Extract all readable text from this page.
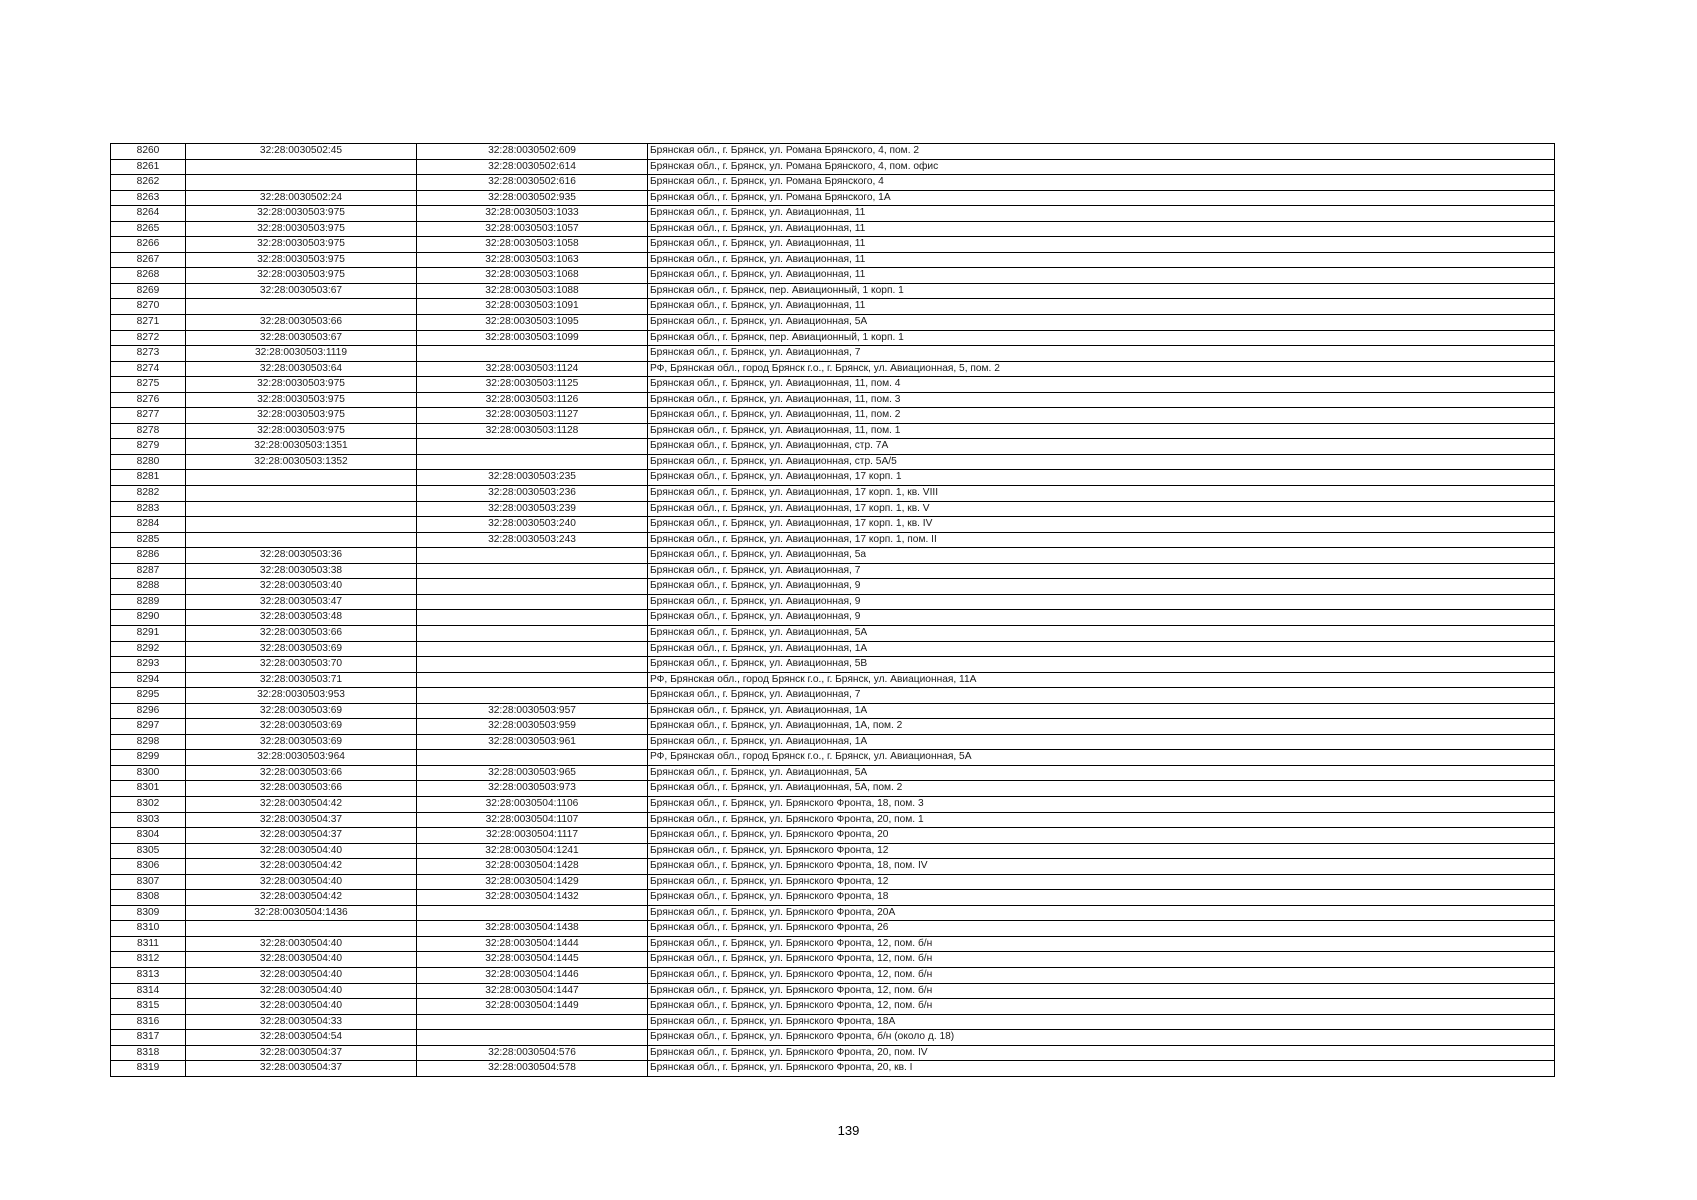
8260	32:28:0030502:45	32:28:0030502:609	Брянская обл., г. Брянск, ул. Романа Брянского, 4, пом. 2
8261		32:28:0030502:614	Брянская обл., г. Брянск, ул. Романа Брянского, 4, пом. офис
8262		32:28:0030502:616	Брянская обл., г. Брянск, ул. Романа Брянского, 4
8263	32:28:0030502:24	32:28:0030502:935	Брянская обл., г. Брянск, ул. Романа Брянского, 1А
8264	32:28:0030503:975	32:28:0030503:1033	Брянская обл., г. Брянск, ул. Авиационная, 11
8265	32:28:0030503:975	32:28:0030503:1057	Брянская обл., г. Брянск, ул. Авиационная, 11
8266	32:28:0030503:975	32:28:0030503:1058	Брянская обл., г. Брянск, ул. Авиационная, 11
8267	32:28:0030503:975	32:28:0030503:1063	Брянская обл., г. Брянск, ул. Авиационная, 11
8268	32:28:0030503:975	32:28:0030503:1068	Брянская обл., г. Брянск, ул. Авиационная, 11
8269	32:28:0030503:67	32:28:0030503:1088	Брянская обл., г. Брянск, пер. Авиационный, 1 корп. 1
8270		32:28:0030503:1091	Брянская обл., г. Брянск, ул. Авиационная, 11
8271	32:28:0030503:66	32:28:0030503:1095	Брянская обл., г. Брянск, ул. Авиационная, 5А
8272	32:28:0030503:67	32:28:0030503:1099	Брянская обл., г. Брянск, пер. Авиационный, 1 корп. 1
8273	32:28:0030503:1119		Брянская обл., г. Брянск, ул. Авиационная, 7
8274	32:28:0030503:64	32:28:0030503:1124	РФ, Брянская обл., город Брянск г.о., г. Брянск, ул. Авиационная, 5, пом. 2
8275	32:28:0030503:975	32:28:0030503:1125	Брянская обл., г. Брянск, ул. Авиационная, 11, пом. 4
8276	32:28:0030503:975	32:28:0030503:1126	Брянская обл., г. Брянск, ул. Авиационная, 11, пом. 3
8277	32:28:0030503:975	32:28:0030503:1127	Брянская обл., г. Брянск, ул. Авиационная, 11, пом. 2
8278	32:28:0030503:975	32:28:0030503:1128	Брянская обл., г. Брянск, ул. Авиационная, 11, пом. 1
8279	32:28:0030503:1351		Брянская обл., г. Брянск, ул. Авиационная, стр. 7А
8280	32:28:0030503:1352		Брянская обл., г. Брянск, ул. Авиационная, стр. 5А/5
8281		32:28:0030503:235	Брянская обл., г. Брянск, ул. Авиационная, 17 корп. 1
8282		32:28:0030503:236	Брянская обл., г. Брянск, ул. Авиационная, 17 корп. 1, кв. VIII
8283		32:28:0030503:239	Брянская обл., г. Брянск, ул. Авиационная, 17 корп. 1, кв. V
8284		32:28:0030503:240	Брянская обл., г. Брянск, ул. Авиационная, 17 корп. 1, кв. IV
8285		32:28:0030503:243	Брянская обл., г. Брянск, ул. Авиационная, 17 корп. 1, пом. II
8286	32:28:0030503:36		Брянская обл., г. Брянск, ул. Авиационная, 5а
8287	32:28:0030503:38		Брянская обл., г. Брянск, ул. Авиационная, 7
8288	32:28:0030503:40		Брянская обл., г. Брянск, ул. Авиационная, 9
8289	32:28:0030503:47		Брянская обл., г. Брянск, ул. Авиационная, 9
8290	32:28:0030503:48		Брянская обл., г. Брянск, ул. Авиационная, 9
8291	32:28:0030503:66		Брянская обл., г. Брянск, ул. Авиационная, 5А
8292	32:28:0030503:69		Брянская обл., г. Брянск, ул. Авиационная, 1А
8293	32:28:0030503:70		Брянская обл., г. Брянск, ул. Авиационная, 5В
8294	32:28:0030503:71		РФ, Брянская обл., город Брянск г.о., г. Брянск, ул. Авиационная, 11А
8295	32:28:0030503:953		Брянская обл., г. Брянск, ул. Авиационная, 7
8296	32:28:0030503:69	32:28:0030503:957	Брянская обл., г. Брянск, ул. Авиационная, 1А
8297	32:28:0030503:69	32:28:0030503:959	Брянская обл., г. Брянск, ул. Авиационная, 1А, пом. 2
8298	32:28:0030503:69	32:28:0030503:961	Брянская обл., г. Брянск, ул. Авиационная, 1А
8299	32:28:0030503:964		РФ, Брянская обл., город Брянск г.о., г. Брянск, ул. Авиационная, 5А
8300	32:28:0030503:66	32:28:0030503:965	Брянская обл., г. Брянск, ул. Авиационная, 5А
8301	32:28:0030503:66	32:28:0030503:973	Брянская обл., г. Брянск, ул. Авиационная, 5А, пом. 2
8302	32:28:0030504:42	32:28:0030504:1106	Брянская обл., г. Брянск, ул. Брянского Фронта, 18, пом. 3
8303	32:28:0030504:37	32:28:0030504:1107	Брянская обл., г. Брянск, ул. Брянского Фронта, 20, пом. 1
8304	32:28:0030504:37	32:28:0030504:1117	Брянская обл., г. Брянск, ул. Брянского Фронта, 20
8305	32:28:0030504:40	32:28:0030504:1241	Брянская обл., г. Брянск, ул. Брянского Фронта, 12
8306	32:28:0030504:42	32:28:0030504:1428	Брянская обл., г. Брянск, ул. Брянского Фронта, 18, пом. IV
8307	32:28:0030504:40	32:28:0030504:1429	Брянская обл., г. Брянск, ул. Брянского Фронта, 12
8308	32:28:0030504:42	32:28:0030504:1432	Брянская обл., г. Брянск, ул. Брянского Фронта, 18
8309	32:28:0030504:1436		Брянская обл., г. Брянск, ул. Брянского Фронта, 20А
8310		32:28:0030504:1438	Брянская обл., г. Брянск, ул. Брянского Фронта, 26
8311	32:28:0030504:40	32:28:0030504:1444	Брянская обл., г. Брянск, ул. Брянского Фронта, 12, пом. б/н
8312	32:28:0030504:40	32:28:0030504:1445	Брянская обл., г. Брянск, ул. Брянского Фронта, 12, пом. б/н
8313	32:28:0030504:40	32:28:0030504:1446	Брянская обл., г. Брянск, ул. Брянского Фронта, 12, пом. б/н
8314	32:28:0030504:40	32:28:0030504:1447	Брянская обл., г. Брянск, ул. Брянского Фронта, 12, пом. б/н
8315	32:28:0030504:40	32:28:0030504:1449	Брянская обл., г. Брянск, ул. Брянского Фронта, 12, пом. б/н
8316	32:28:0030504:33		Брянская обл., г. Брянск, ул. Брянского Фронта, 18А
8317	32:28:0030504:54		Брянская обл., г. Брянск, ул. Брянского Фронта, б/н (около д. 18)
8318	32:28:0030504:37	32:28:0030504:576	Брянская обл., г. Брянск, ул. Брянского Фронта, 20, пом. IV
8319	32:28:0030504:37	32:28:0030504:578	Брянская обл., г. Брянск, ул. Брянского Фронта, 20, кв. I
139
